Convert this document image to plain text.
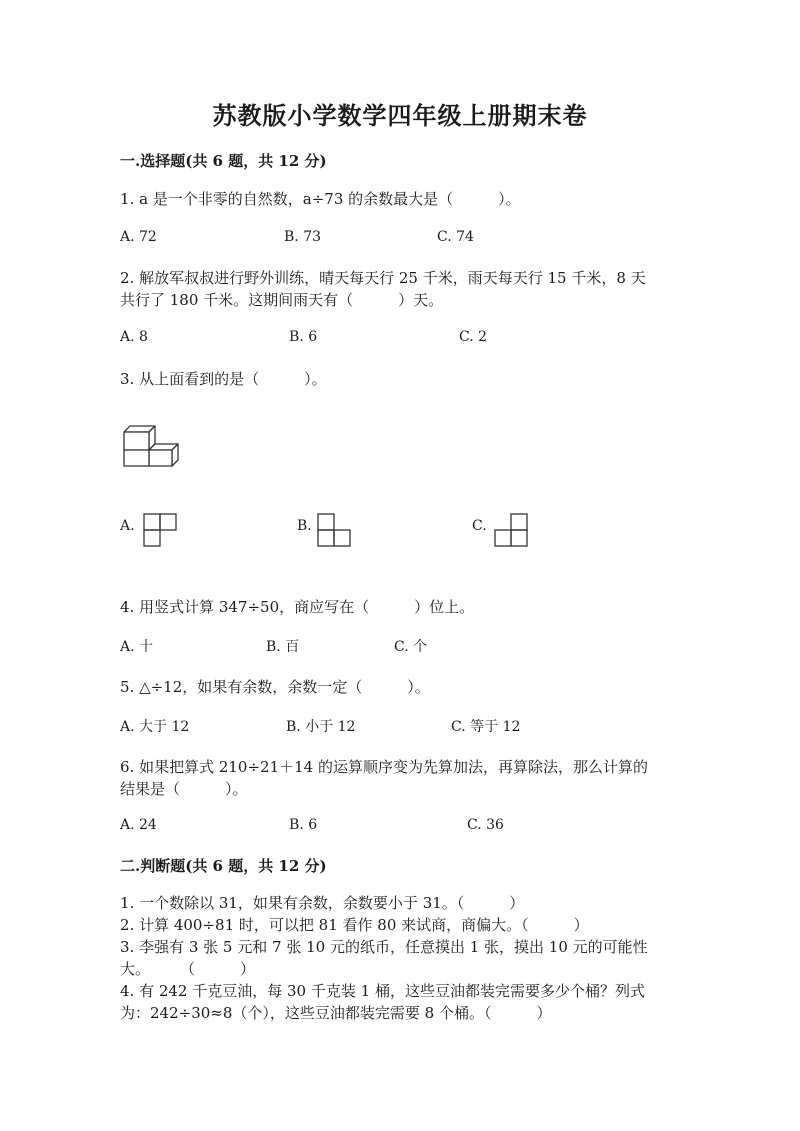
苏教版小学数学四年级上册期末卷
一.选择题(共 6 题，共 12 分)
1. a 是一个非零的自然数，a÷73 的余数最大是（　　　）。
A. 72	B. 73	C. 74
2. 解放军叔叔进行野外训练，晴天每天行 25 千米，雨天每天行 15 千米，8 天
共行了 180 千米。这期间雨天有（　　　）天。
A. 8	B. 6	C. 2
3. 从上面看到的是（　　　）。
A.	B.	C.
4. 用竖式计算 347÷50，商应写在（　　　）位上。
A. 十	B. 百	C. 个
5. △÷12，如果有余数，余数一定（　　　）。
A. 大于 12	B. 小于 12	C. 等于 12
6. 如果把算式 210÷21＋14 的运算顺序变为先算加法，再算除法，那么计算的
结果是（　　　）。
A. 24	B. 6	C. 36
二.判断题(共 6 题，共 12 分)
1. 一个数除以 31，如果有余数，余数要小于 31。（　　　）
2. 计算 400÷81 时，可以把 81 看作 80 来试商，商偏大。（　　　）
3. 李强有 3 张 5 元和 7 张 10 元的纸币，任意摸出 1 张，摸出 10 元的可能性
大。　　　（　　　）
4. 有 242 千克豆油，每 30 千克装 1 桶，这些豆油都装完需要多少个桶？列式
为：242÷30≈8（个），这些豆油都装完需要 8 个桶。（　　　）
